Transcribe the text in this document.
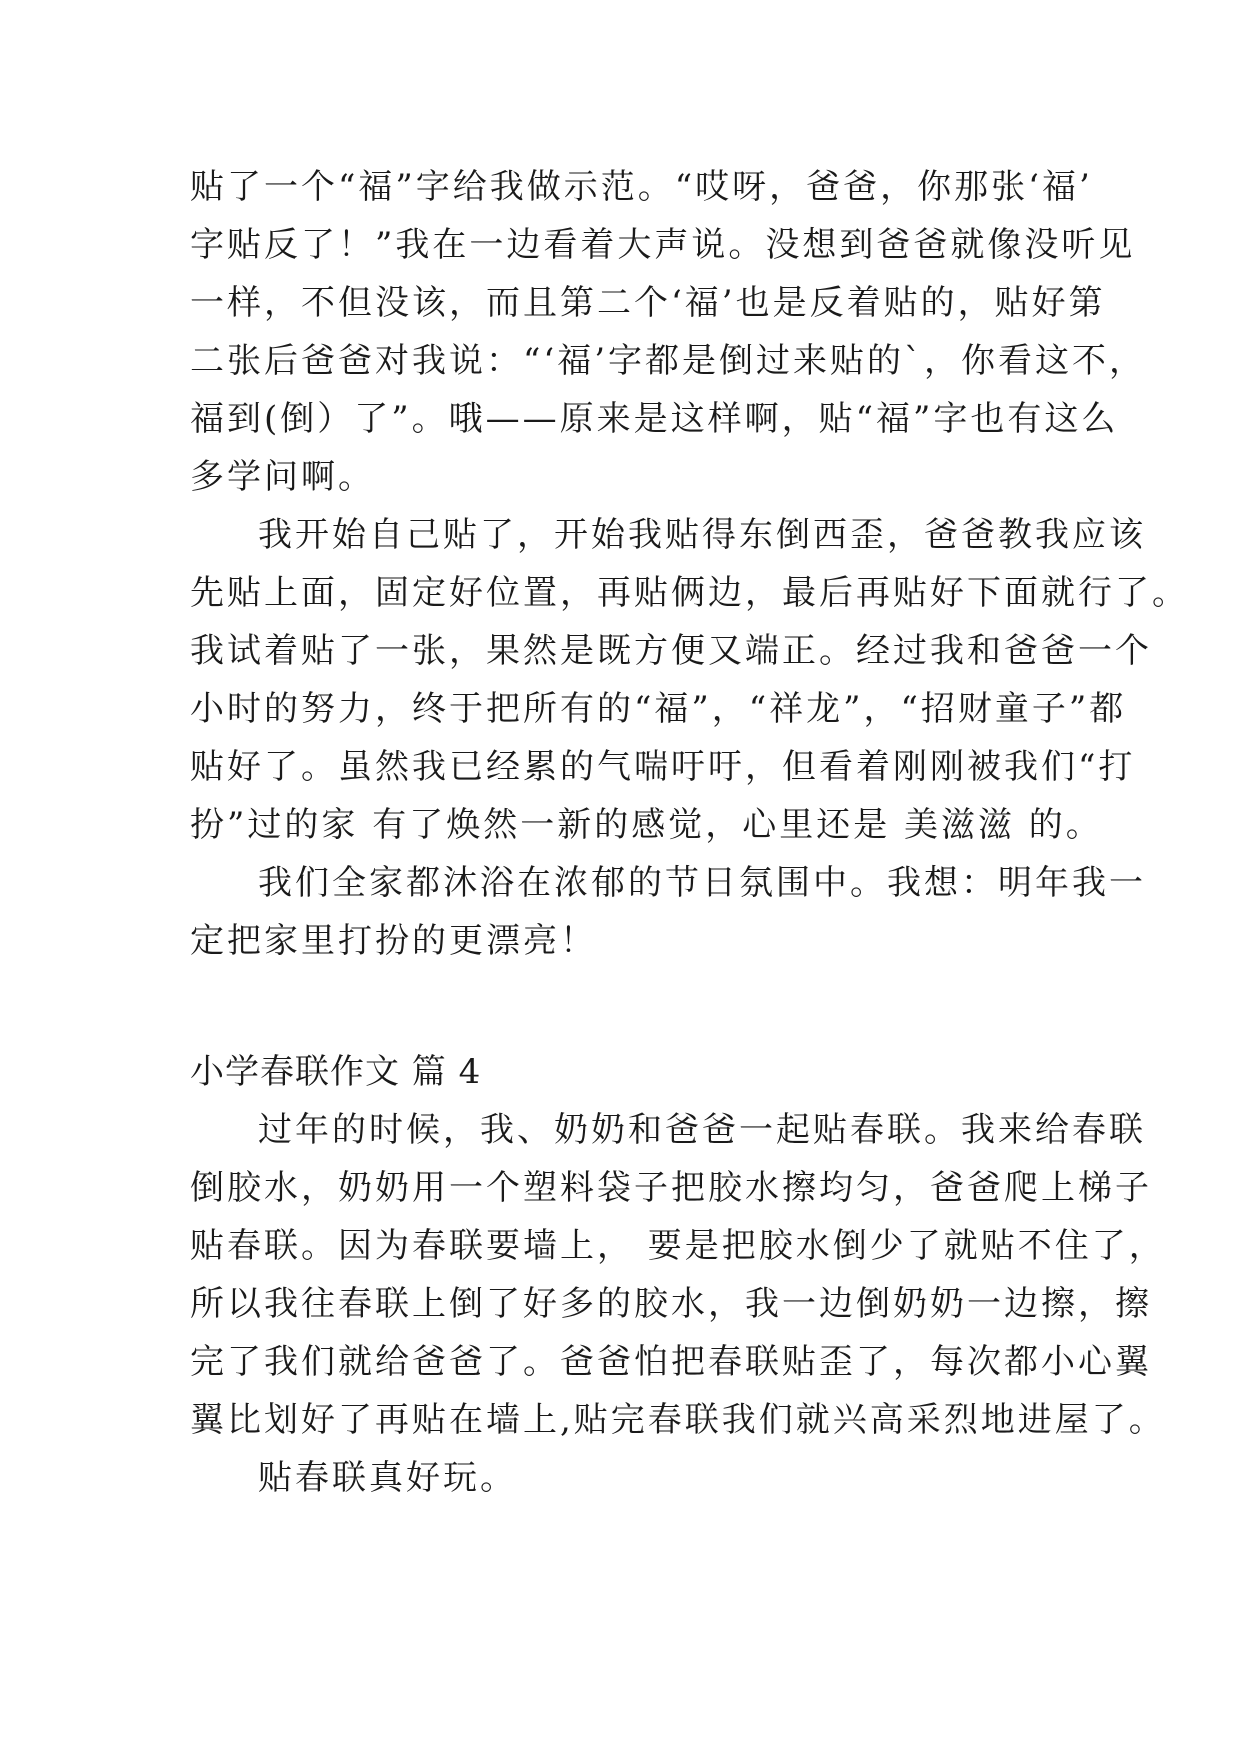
贴了一个“福”字给我做示范。“哎呀，爸爸，你那张‘福’
字贴反了！”我在一边看着大声说。没想到爸爸就像没听见
一样，不但没该，而且第二个‘福’也是反着贴的，贴好第
二张后爸爸对我说：“‘福’字都是倒过来贴的`，你看这不，
福到(倒）了”。哦——原来是这样啊，贴“福”字也有这么
多学问啊。
我开始自己贴了，开始我贴得东倒西歪，爸爸教我应该
先贴上面，固定好位置，再贴俩边，最后再贴好下面就行了。
我试着贴了一张，果然是既方便又端正。经过我和爸爸一个
小时的努力，终于把所有的“福”，“祥龙”，“招财童子”都
贴好了。虽然我已经累的气喘吁吁，但看着刚刚被我们“打
扮”过的家 有了焕然一新的感觉，心里还是 美滋滋 的。
我们全家都沐浴在浓郁的节日氛围中。我想：明年我一
定把家里打扮的更漂亮！
小学春联作文 篇 4
过年的时候，我、奶奶和爸爸一起贴春联。我来给春联
倒胶水，奶奶用一个塑料袋子把胶水擦均匀，爸爸爬上梯子
贴春联。因为春联要墙上， 要是把胶水倒少了就贴不住了，
所以我往春联上倒了好多的胶水，我一边倒奶奶一边擦，擦
完了我们就给爸爸了。爸爸怕把春联贴歪了，每次都小心翼
翼比划好了再贴在墙上,贴完春联我们就兴高采烈地进屋了。
贴春联真好玩。
